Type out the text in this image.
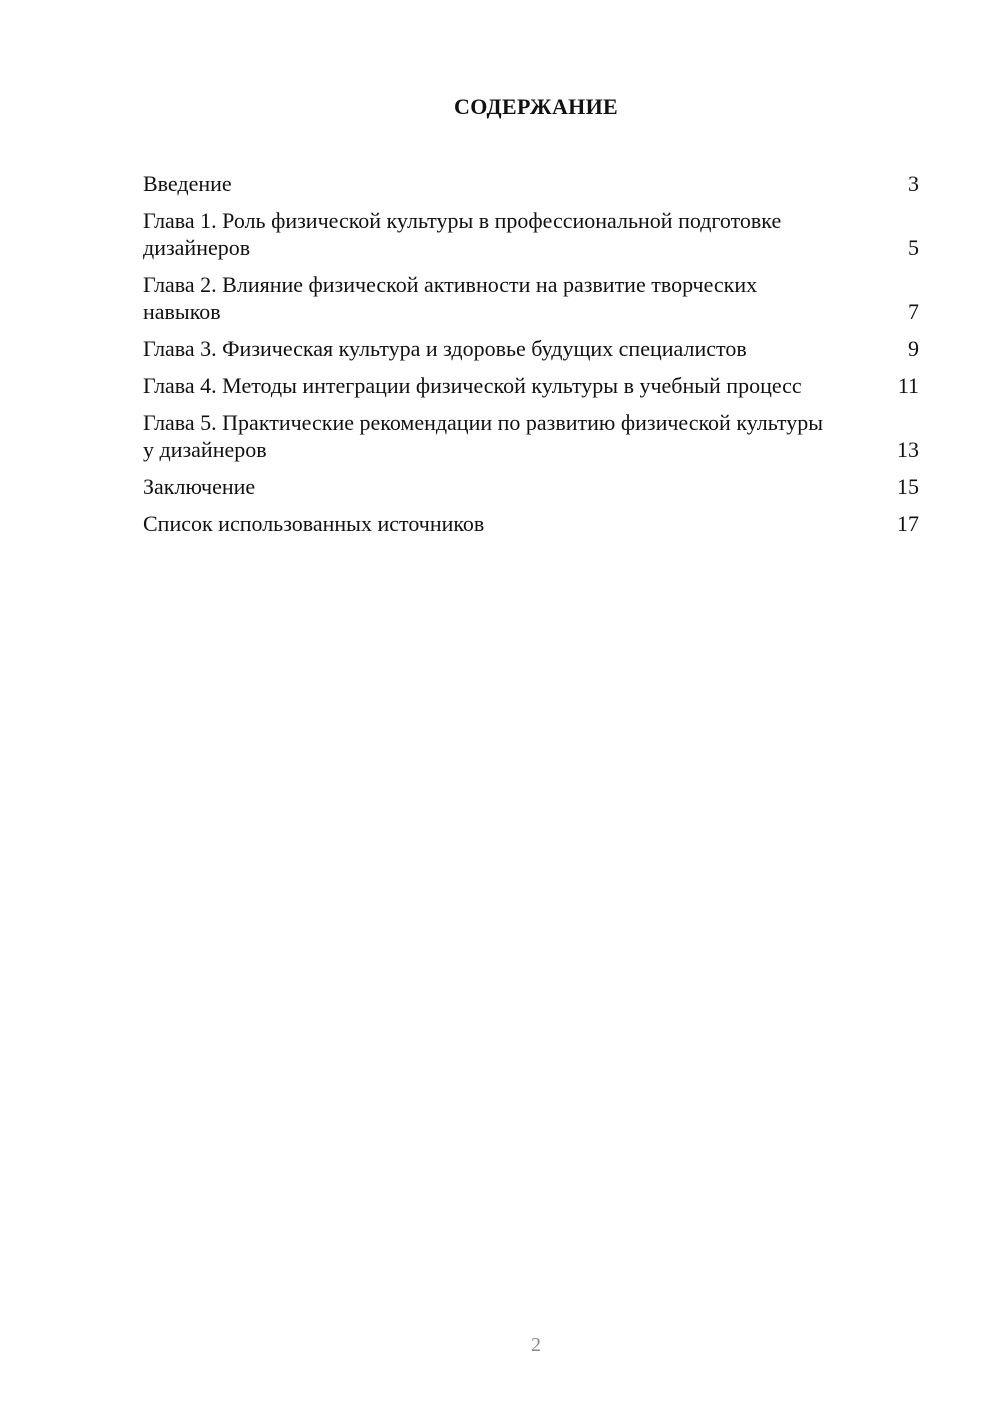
СОДЕРЖАНИЕ
Введение	3
Глава 1. Роль физической культуры в профессиональной подготовке дизайнеров	5
Глава 2. Влияние физической активности на развитие творческих навыков	7
Глава 3. Физическая культура и здоровье будущих специалистов	9
Глава 4. Методы интеграции физической культуры в учебный процесс	11
Глава 5. Практические рекомендации по развитию физической культуры у дизайнеров	13
Заключение	15
Список использованных источников	17
2
